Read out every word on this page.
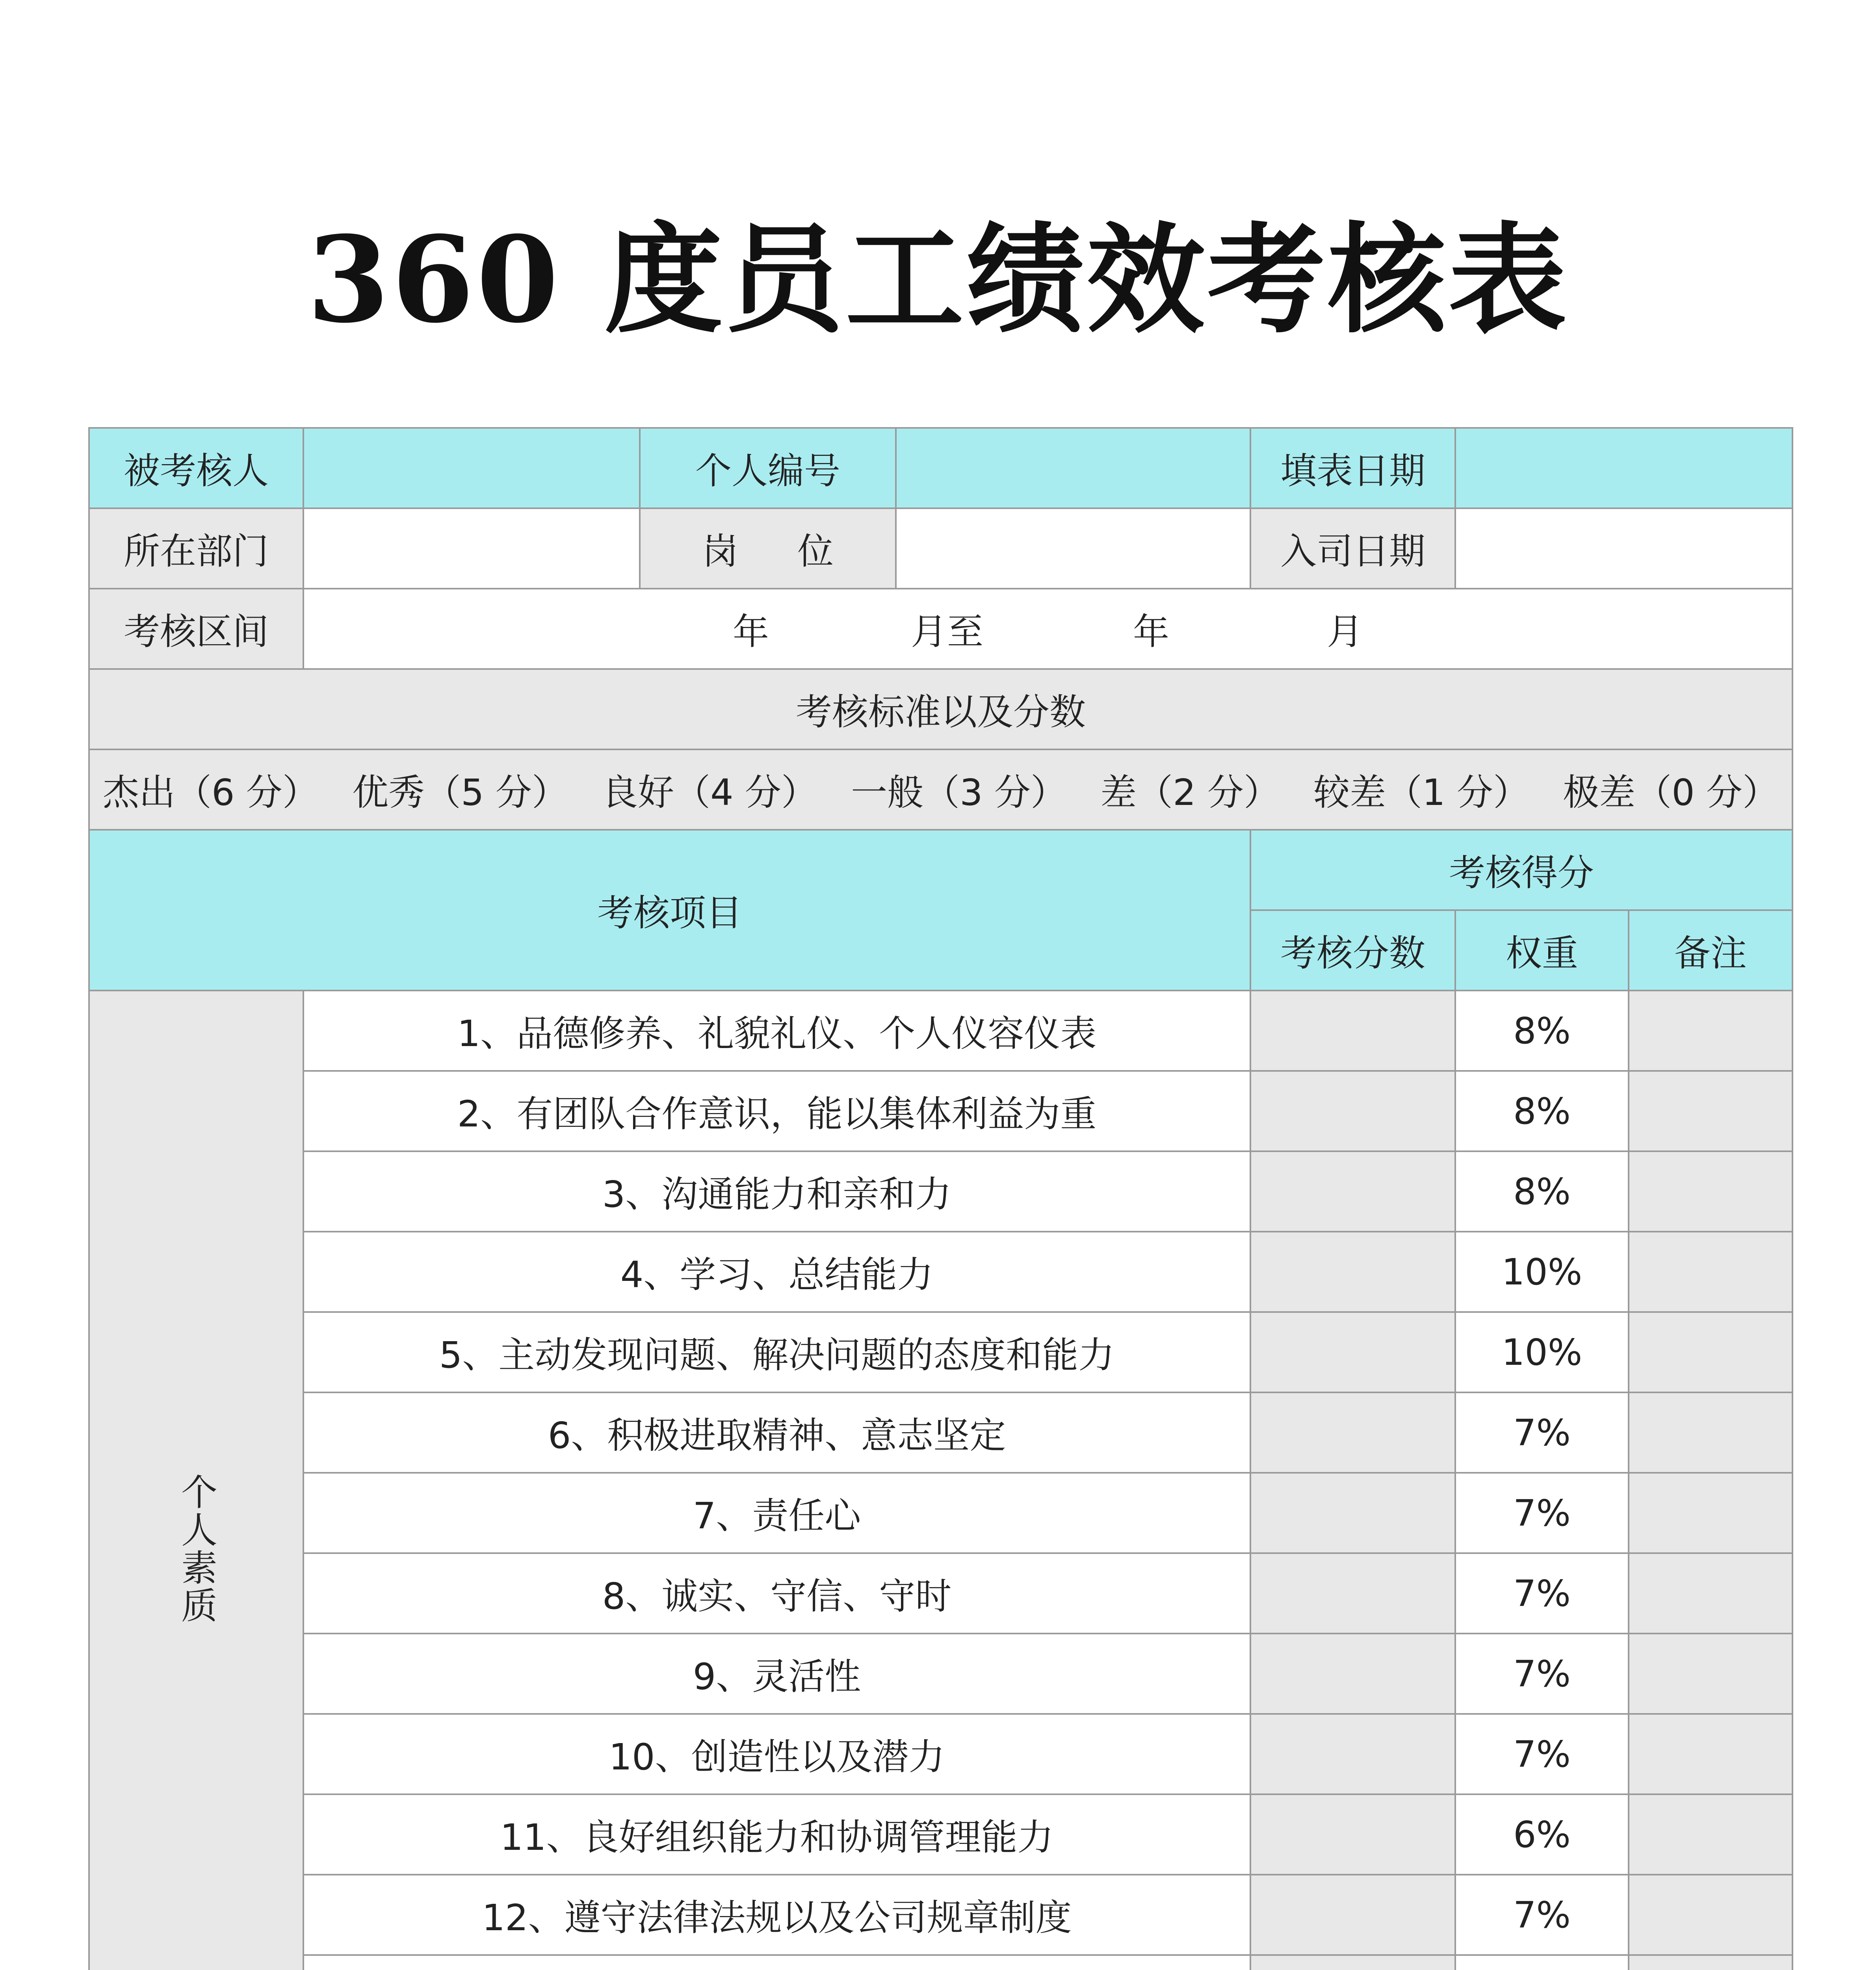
360 度员工绩效考核表
被考核人		个人编号		填表日期		
所在部门		岗 位		入司日期		
考核区间	年 月至 年 月					
考核标准以及分数						
杰出（6 分） 优秀（5 分） 良好（4 分） 一般（3 分） 差（2 分） 较差（1 分） 极差（0 分）						
考核项目				考核得分		
				考核分数	权重	备注
个人素质	1、品德修养、礼貌礼仪、个人仪容仪表				8%	
	2、有团队合作意识，能以集体利益为重				8%	
	3、沟通能力和亲和力				8%	
	4、学习、总结能力				10%	
	5、主动发现问题、解决问题的态度和能力				10%	
	6、积极进取精神、意志坚定				7%	
	7、责任心				7%	
	8、诚实、守信、守时				7%	
	9、灵活性				7%	
	10、创造性以及潜力				7%	
	11、良好组织能力和协调管理能力				6%	
	12、遵守法律法规以及公司规章制度				7%	
